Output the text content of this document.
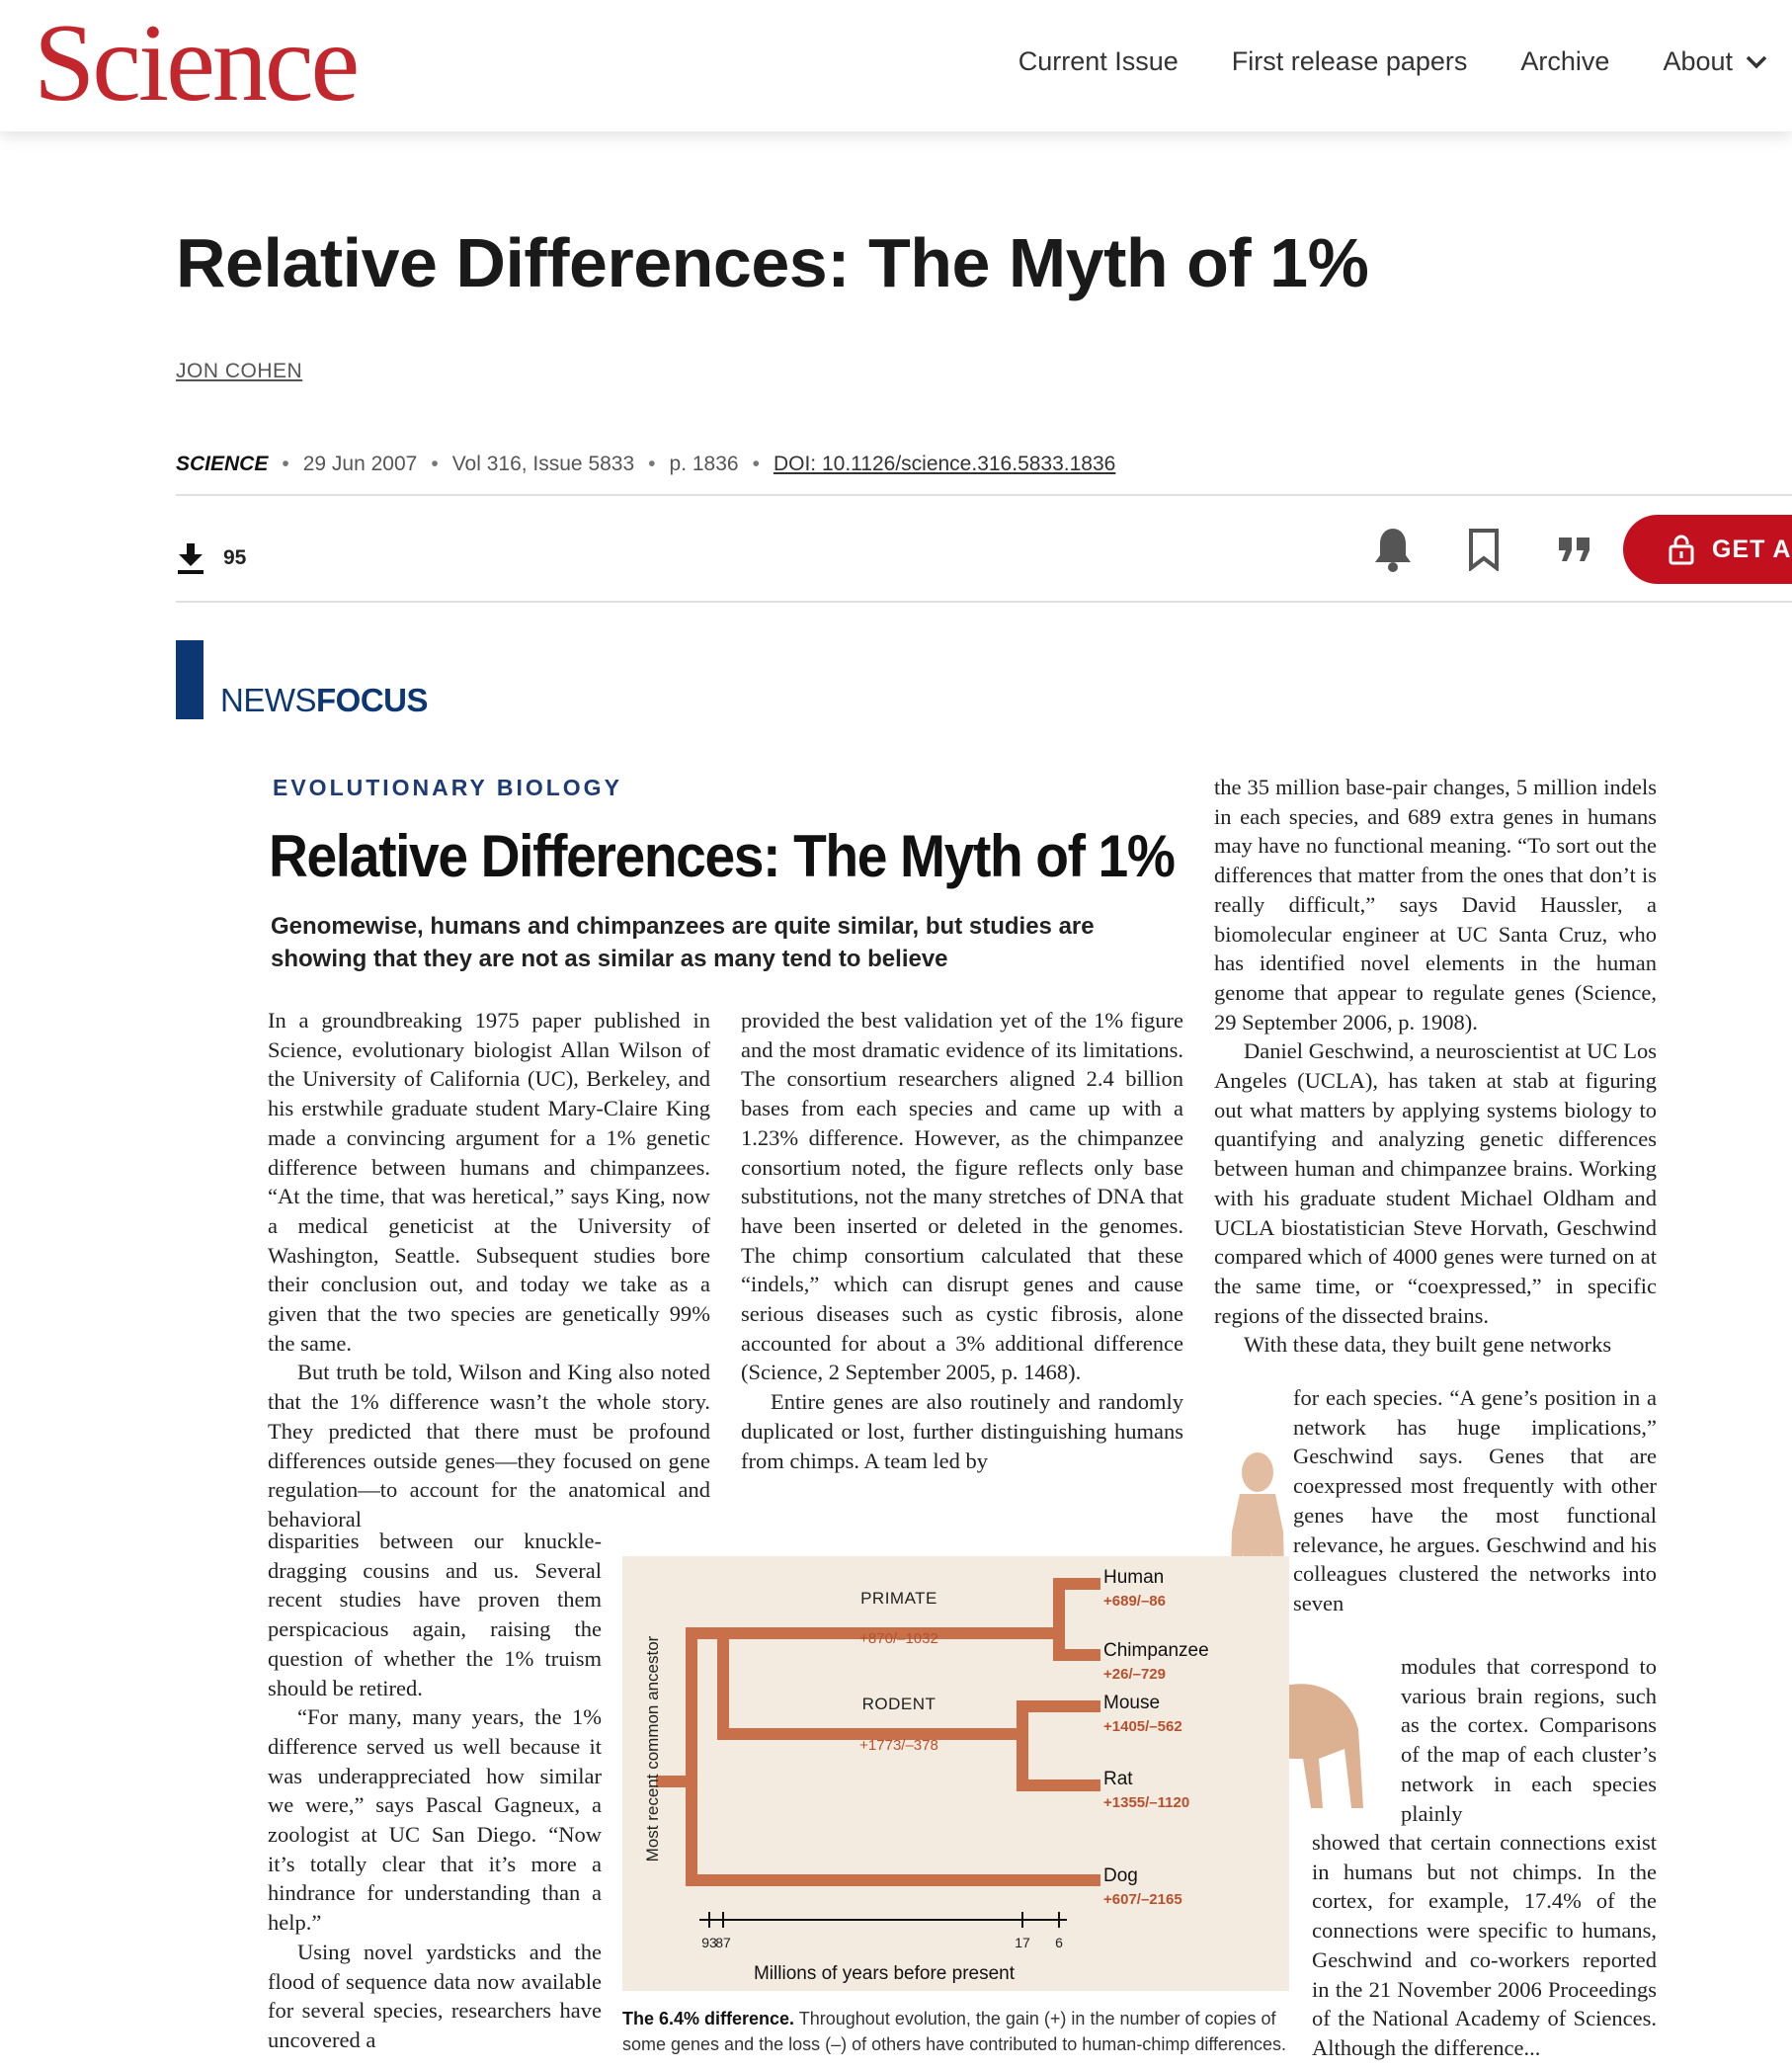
Science	Current Issue First release papers Archive About
Relative Differences: The Myth of 1%
JON COHEN
SCIENCE • 29 Jun 2007 • Vol 316, Issue 5833 • p. 1836 • DOI: 10.1126/science.316.5833.1836
95	GET A
NEWSFOCUS
EVOLUTIONARY BIOLOGY
Relative Differences: The Myth of 1%
Genomewise, humans and chimpanzees are quite similar, but studies are showing that they are not as similar as many tend to believe

In a groundbreaking 1975 paper published in Science, evolutionary biologist Allan Wilson of the University of California (UC), Berkeley, and his erstwhile graduate student Mary-Claire King made a convincing argument for a 1% genetic difference between humans and chimpanzees. “At the time, that was heretical,” says King, now a medical geneticist at the University of Washington, Seattle. Subsequent studies bore their conclusion out, and today we take as a given that the two species are genetically 99% the same.

But truth be told, Wilson and King also noted that the 1% difference wasn’t the whole story. They predicted that there must be profound differences outside genes—they focused on gene regulation—to account for the anatomical and behavioral

disparities between our knuckle-dragging cousins and us. Several recent studies have proven them perspicacious again, raising the question of whether the 1% truism should be retired.

“For many, many years, the 1% difference served us well because it was underappreciated how similar we were,” says Pascal Gagneux, a zoologist at UC San Diego. “Now it’s totally clear that it’s more a hindrance for understanding than a help.”

Using novel yardsticks and the flood of sequence data now available for several species, researchers have uncovered a

provided the best validation yet of the 1% figure and the most dramatic evidence of its limitations. The consortium researchers aligned 2.4 billion bases from each species and came up with a 1.23% difference. However, as the chimpanzee consortium noted, the figure reflects only base substitutions, not the many stretches of DNA that have been inserted or deleted in the genomes. The chimp consortium calculated that these “indels,” which can disrupt genes and cause serious diseases such as cystic fibrosis, alone accounted for about a 3% additional difference (Science, 2 September 2005, p. 1468).

Entire genes are also routinely and randomly duplicated or lost, further distinguishing humans from chimps. A team led by

the 35 million base-pair changes, 5 million indels in each species, and 689 extra genes in humans may have no functional meaning. “To sort out the differences that matter from the ones that don’t is really difficult,” says David Haussler, a biomolecular engineer at UC Santa Cruz, who has identified novel elements in the human genome that appear to regulate genes (Science, 29 September 2006, p. 1908).

Daniel Geschwind, a neuroscientist at UC Los Angeles (UCLA), has taken at stab at figuring out what matters by applying systems biology to quantifying and analyzing genetic differences between human and chimpanzee brains. Working with his graduate student Michael Oldham and UCLA biostatistician Steve Horvath, Geschwind compared which of 4000 genes were turned on at the same time, or “coexpressed,” in specific regions of the dissected brains.

With these data, they built gene networks

for each species. “A gene’s position in a network has huge implications,” Geschwind says. Genes that are coexpressed most frequently with other genes have the most functional relevance, he argues. Geschwind and his colleagues clustered the networks into seven
modules that correspond to various brain regions, such as the cortex. Comparisons of the map of each cluster’s network in each species plainly
showed that certain connections exist in humans but not chimps. In the cortex, for example, 17.4% of the connections were specific to humans, Geschwind and co-workers reported in the 21 November 2006 Proceedings of the National Academy of Sciences. Although the difference...
PRIMATE
+870/–1032
RODENT
+1773/–378
Human
+689/–86
Chimpanzee
+26/–729
Mouse
+1405/–562
Rat
+1355/–1120
Dog
+607/–2165
Most recent common ancestor
93
87	17 6
Millions of years before present
The 6.4% difference. Throughout evolution, the gain (+) in the number of copies of some genes and the loss (–) of others have contributed to human-chimp differences.
